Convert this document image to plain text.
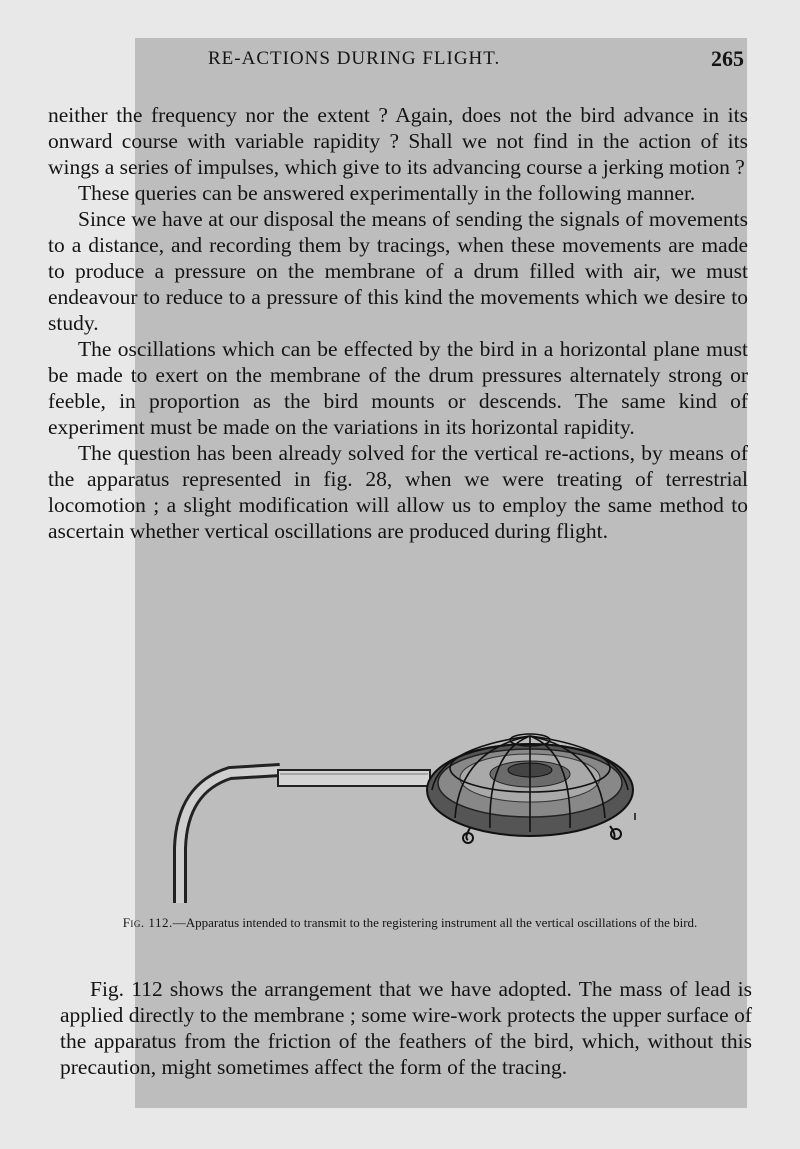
RE-ACTIONS DURING FLIGHT.	265

neither the frequency nor the extent ? Again, does not the bird advance in its onward course with variable rapidity ? Shall we not find in the action of its wings a series of impulses, which give to its advancing course a jerking motion ?

These queries can be answered experimentally in the following manner.

Since we have at our disposal the means of sending the signals of movements to a distance, and recording them by tracings, when these movements are made to produce a pressure on the membrane of a drum filled with air, we must endeavour to reduce to a pressure of this kind the movements which we desire to study.

The oscillations which can be effected by the bird in a horizontal plane must be made to exert on the membrane of the drum pressures alternately strong or feeble, in proportion as the bird mounts or descends. The same kind of experiment must be made on the variations in its horizontal rapidity.

The question has been already solved for the vertical re-actions, by means of the apparatus represented in fig. 28, when we were treating of terrestrial locomotion ; a slight modification will allow us to employ the same method to ascertain whether vertical oscillations are produced during flight.

Fig. 112.—Apparatus intended to transmit to the registering instrument all the vertical oscillations of the bird.

Fig. 112 shows the arrangement that we have adopted. The mass of lead is applied directly to the membrane ; some wire-work protects the upper surface of the apparatus from the friction of the feathers of the bird, which, without this precaution, might sometimes affect the form of the tracing.
